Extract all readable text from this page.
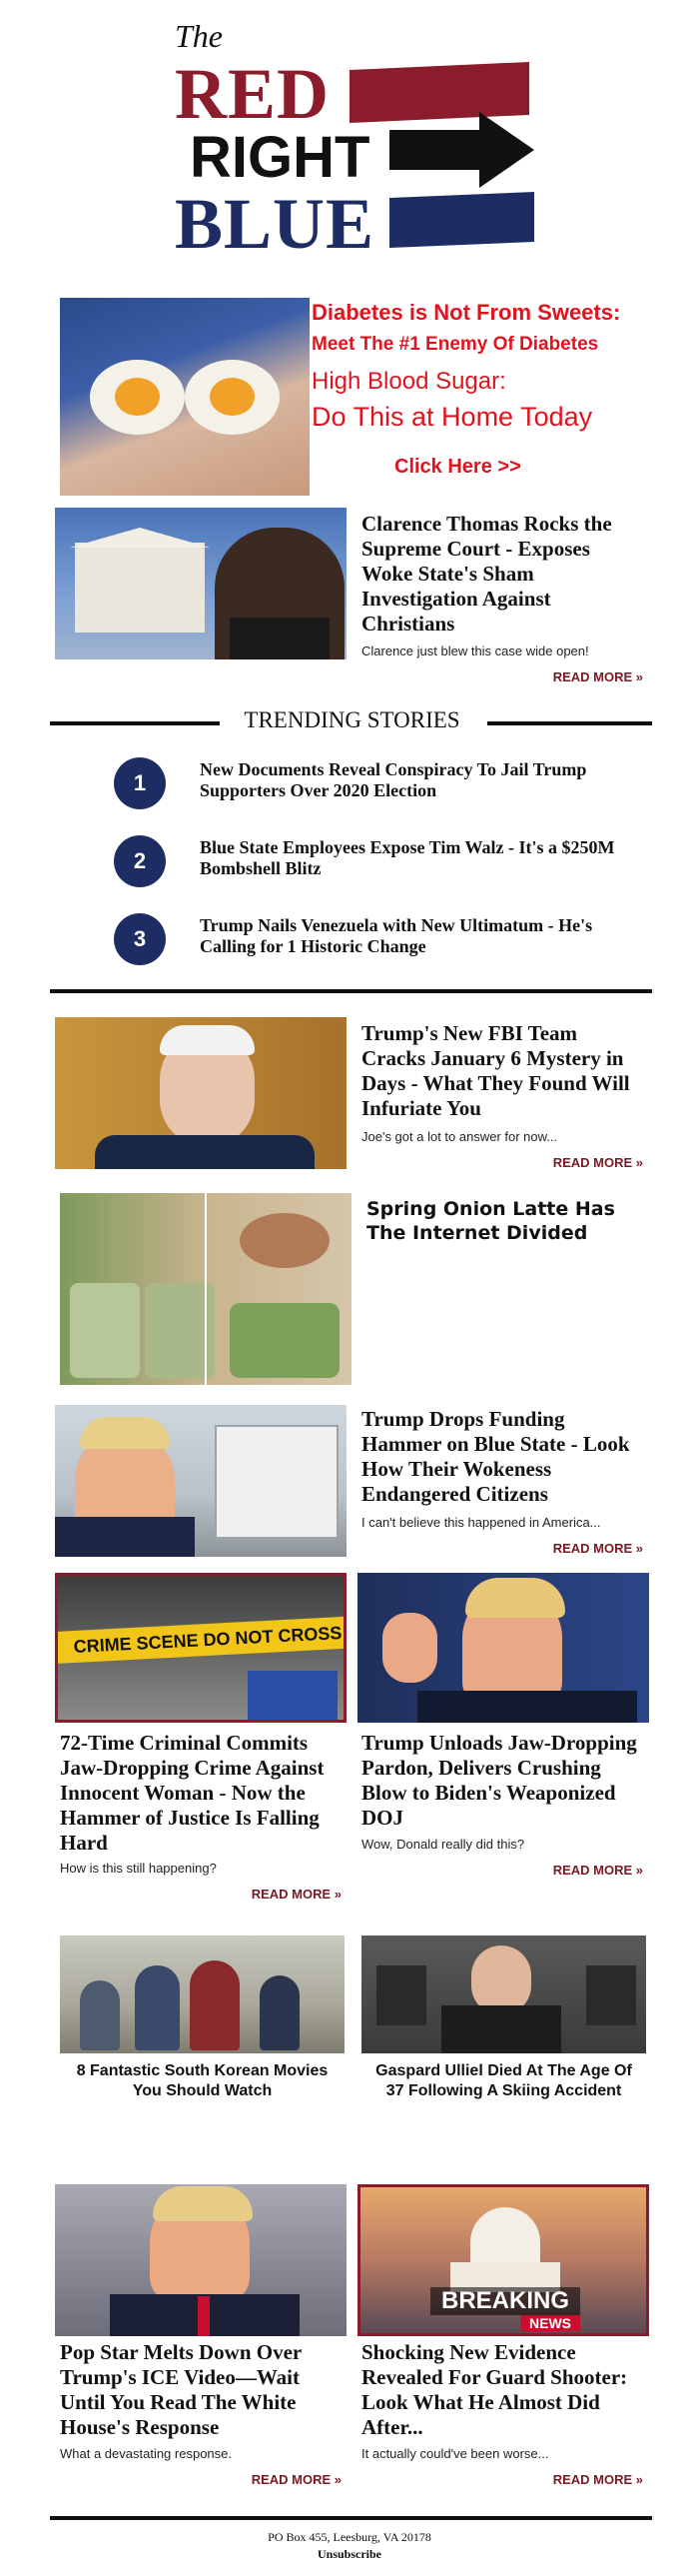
The
RED
RIGHT
BLUE
Diabetes is Not From Sweets:
Meet The #1 Enemy Of Diabetes
High Blood Sugar:
Do This at Home Today
Click Here >>
Clarence Thomas Rocks the Supreme Court - Exposes Woke State's Sham Investigation Against Christians
Clarence just blew this case wide open!
READ MORE »
TRENDING STORIES
1
New Documents Reveal Conspiracy To Jail Trump Supporters Over 2020 Election
2
Blue State Employees Expose Tim Walz - It's a $250M Bombshell Blitz
3
Trump Nails Venezuela with New Ultimatum - He's Calling for 1 Historic Change
Trump's New FBI Team Cracks January 6 Mystery in Days - What They Found Will Infuriate You
Joe's got a lot to answer for now...
READ MORE »
Spring Onion Latte Has The Internet Divided
Trump Drops Funding Hammer on Blue State - Look How Their Wokeness Endangered Citizens
I can't believe this happened in America...
READ MORE »
CRIME SCENE DO NOT CROSS
72-Time Criminal Commits Jaw-Dropping Crime Against Innocent Woman - Now the Hammer of Justice Is Falling Hard
How is this still happening?
READ MORE »
Trump Unloads Jaw-Dropping Pardon, Delivers Crushing Blow to Biden's Weaponized DOJ
Wow, Donald really did this?
READ MORE »
8 Fantastic South Korean Movies You Should Watch
Gaspard Ulliel Died At The Age Of 37 Following A Skiing Accident
BREAKING
NEWS
Pop Star Melts Down Over Trump's ICE Video—Wait Until You Read The White House's Response
What a devastating response.
READ MORE »
Shocking New Evidence Revealed For Guard Shooter: Look What He Almost Did After...
It actually could've been worse...
READ MORE »
PO Box 455, Leesburg, VA 20178
Unsubscribe
